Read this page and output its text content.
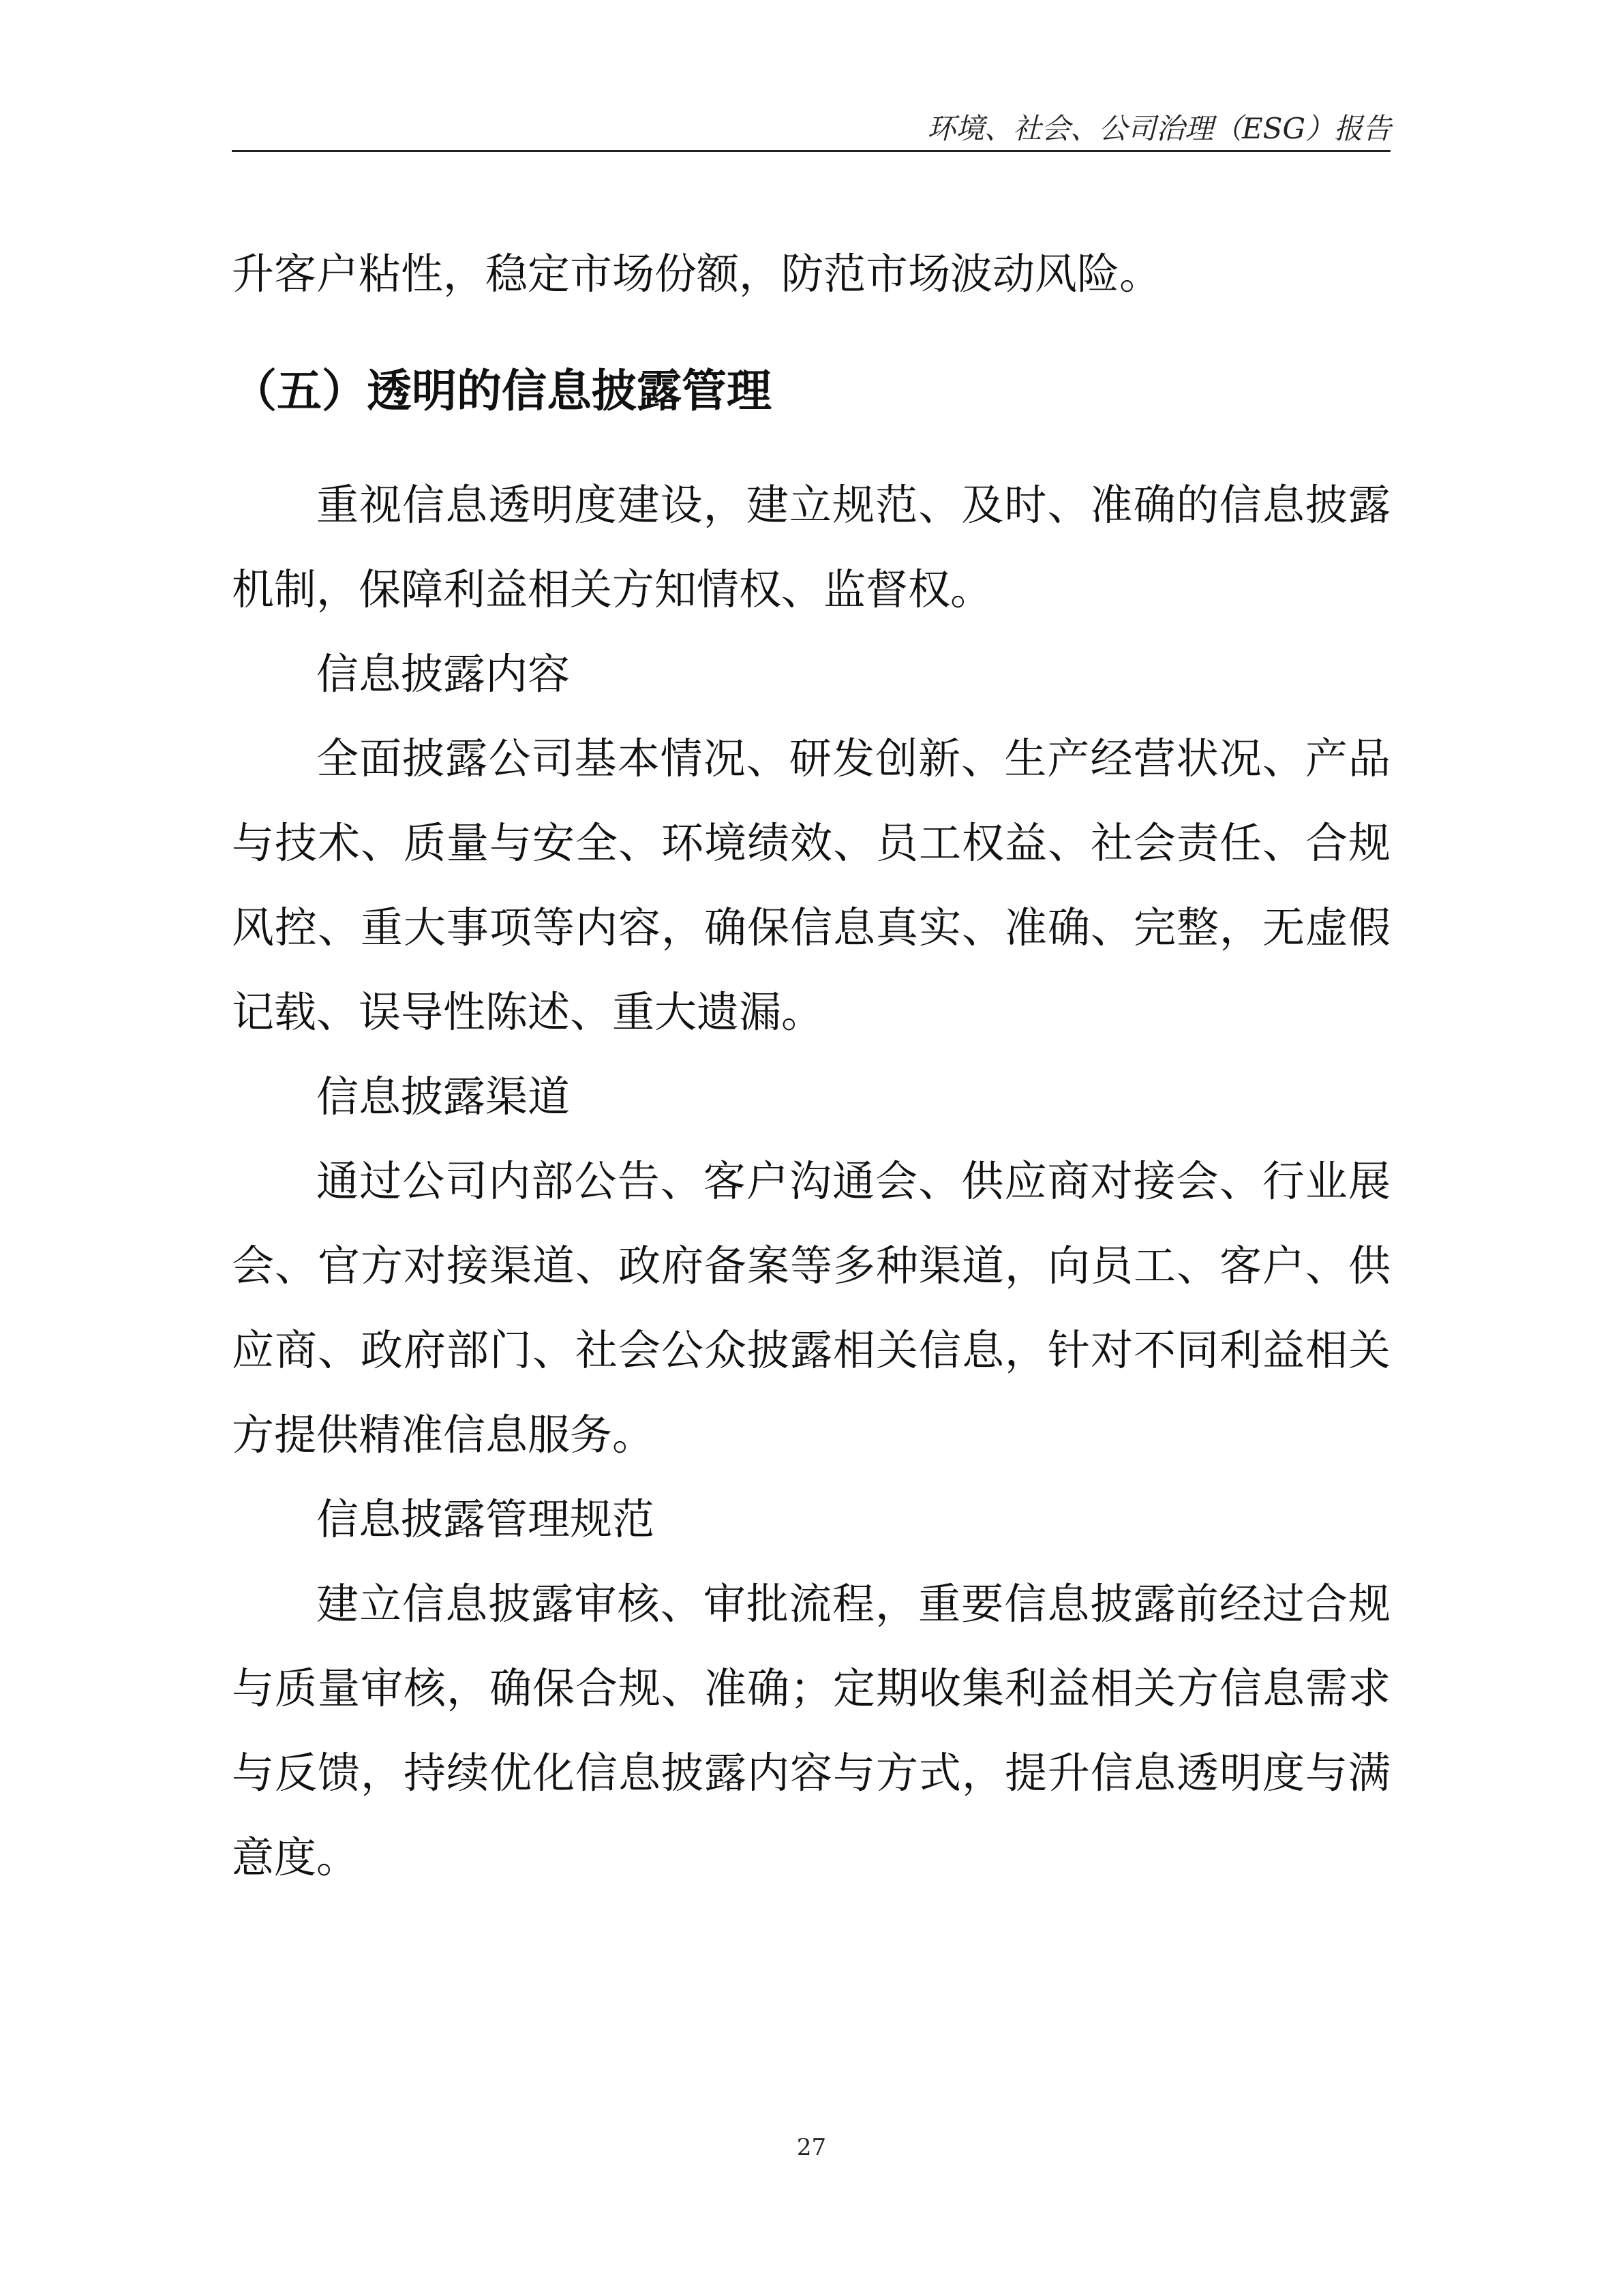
环境、社会、公司治理（ESG）报告

升客户粘性，稳定市场份额，防范市场波动风险。

（五）透明的信息披露管理

重视信息透明度建设，建立规范、及时、准确的信息披露机制，保障利益相关方知情权、监督权。

信息披露内容

全面披露公司基本情况、研发创新、生产经营状况、产品与技术、质量与安全、环境绩效、员工权益、社会责任、合规风控、重大事项等内容，确保信息真实、准确、完整，无虚假记载、误导性陈述、重大遗漏。

信息披露渠道

通过公司内部公告、客户沟通会、供应商对接会、行业展会、官方对接渠道、政府备案等多种渠道，向员工、客户、供应商、政府部门、社会公众披露相关信息，针对不同利益相关方提供精准信息服务。

信息披露管理规范

建立信息披露审核、审批流程，重要信息披露前经过合规与质量审核，确保合规、准确；定期收集利益相关方信息需求与反馈，持续优化信息披露内容与方式，提升信息透明度与满意度。

27
